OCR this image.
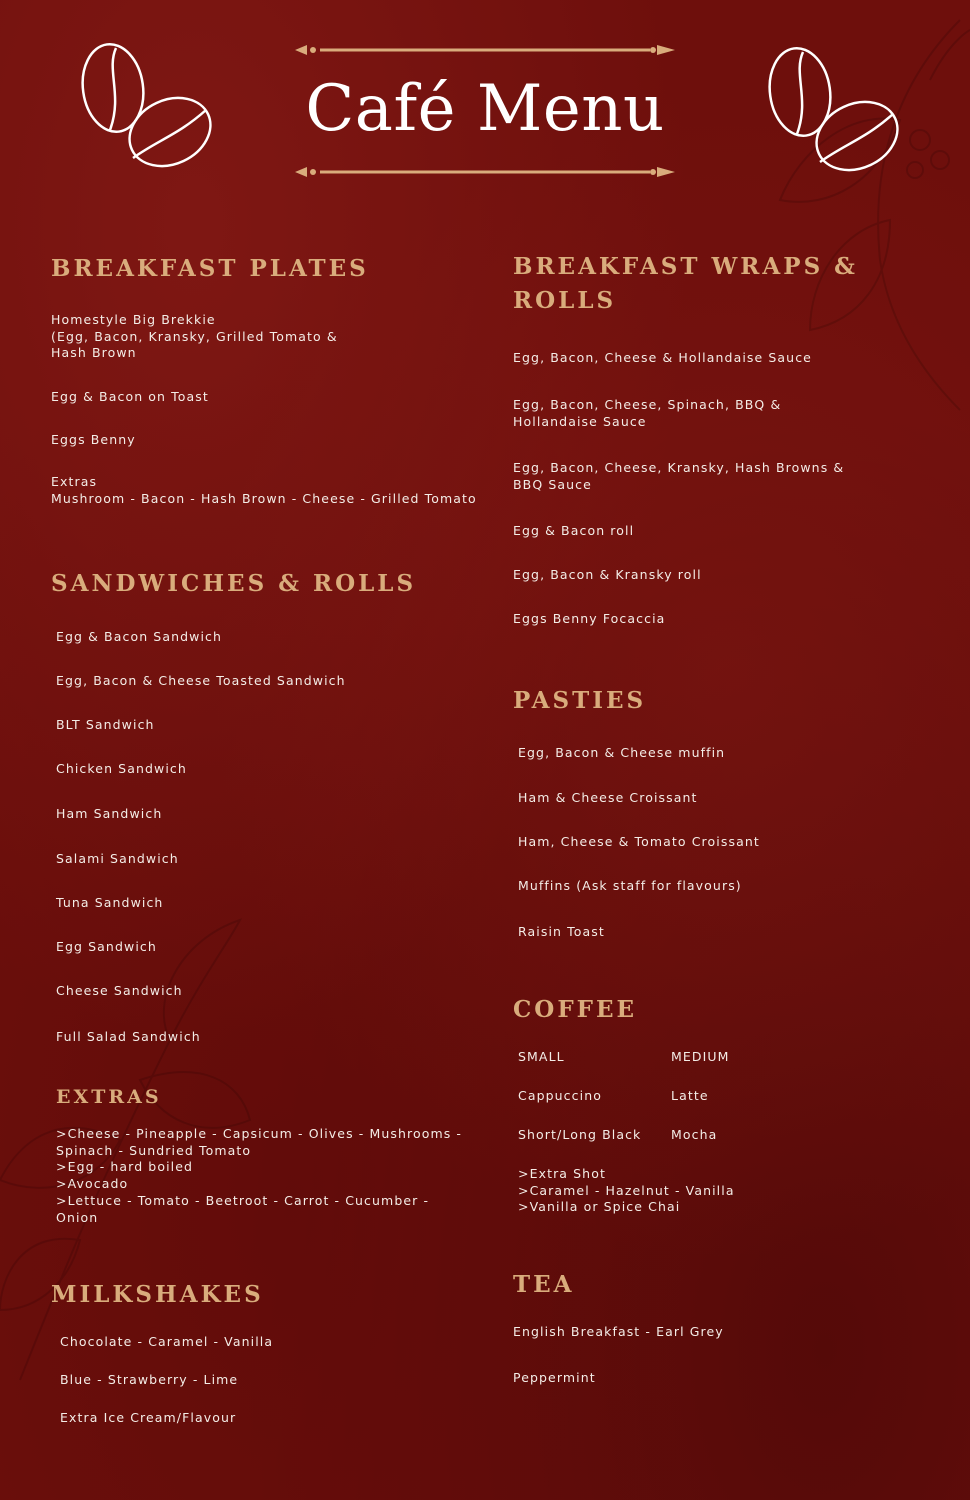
Café Menu
BREAKFAST PLATES
Homestyle Big Brekkie
(Egg, Bacon, Kransky, Grilled Tomato &
Hash Brown
Egg & Bacon on Toast
Eggs Benny
Extras
Mushroom - Bacon - Hash Brown - Cheese - Grilled Tomato
SANDWICHES & ROLLS
Egg & Bacon Sandwich
Egg, Bacon & Cheese Toasted Sandwich
BLT Sandwich
Chicken Sandwich
Ham Sandwich
Salami Sandwich
Tuna Sandwich
Egg Sandwich
Cheese Sandwich
Full Salad Sandwich
EXTRAS
>Cheese - Pineapple - Capsicum - Olives - Mushrooms -
Spinach - Sundried Tomato
>Egg - hard boiled
>Avocado
>Lettuce - Tomato - Beetroot - Carrot - Cucumber -
Onion
MILKSHAKES
Chocolate - Caramel - Vanilla
Blue - Strawberry - Lime
Extra Ice Cream/Flavour
BREAKFAST WRAPS &
ROLLS
Egg, Bacon, Cheese & Hollandaise Sauce
Egg, Bacon, Cheese, Spinach, BBQ &
Hollandaise Sauce
Egg, Bacon, Cheese, Kransky, Hash Browns &
BBQ Sauce
Egg & Bacon roll
Egg, Bacon & Kransky roll
Eggs Benny Focaccia
PASTIES
Egg, Bacon & Cheese muffin
Ham & Cheese Croissant
Ham, Cheese & Tomato Croissant
Muffins (Ask staff for flavours)
Raisin Toast
COFFEE
SMALL	MEDIUM
Cappuccino	Latte
Short/Long Black Mocha
>Extra Shot
>Caramel - Hazelnut - Vanilla
>Vanilla or Spice Chai
TEA
English Breakfast - Earl Grey
Peppermint
